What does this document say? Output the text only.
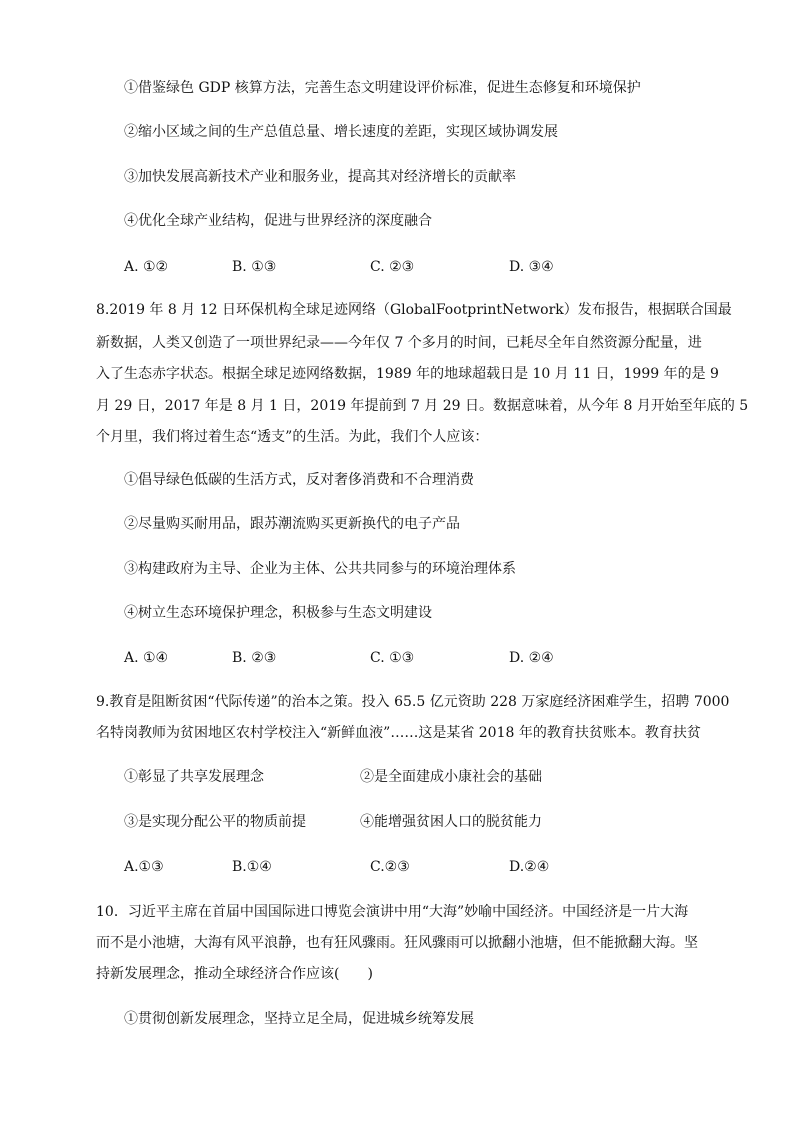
①借鉴绿色 GDP 核算方法，完善生态文明建设评价标准，促进生态修复和环境保护
②缩小区域之间的生产总值总量、增长速度的差距，实现区域协调发展
③加快发展高新技术产业和服务业，提高其对经济增长的贡献率
④优化全球产业结构，促进与世界经济的深度融合
A. ①②	B. ①③	C. ②③	D. ③④
8.2019 年 8 月 12 日环保机构全球足迹网络（GlobalFootprintNetwork）发布报告，根据联合国最
新数据，人类又创造了一项世界纪录——今年仅 7 个多月的时间，已耗尽全年自然资源分配量，进
入了生态赤字状态。根据全球足迹网络数据，1989 年的地球超载日是 10 月 11 日，1999 年的是 9
月 29 日，2017 年是 8 月 1 日，2019 年提前到 7 月 29 日。数据意味着，从今年 8 月开始至年底的 5
个月里，我们将过着生态“透支”的生活。为此，我们个人应该：
①倡导绿色低碳的生活方式，反对奢侈消费和不合理消费
②尽量购买耐用品，跟苏潮流购买更新换代的电子产品
③构建政府为主导、企业为主体、公共共同参与的环境治理体系
④树立生态环境保护理念，积极参与生态文明建设
A. ①④	B. ②③	C. ①③	D. ②④
9.教育是阻断贫困“代际传递”的治本之策。投入 65.5 亿元资助 228 万家庭经济困难学生，招聘 7000
名特岗教师为贫困地区农村学校注入“新鲜血液”……这是某省 2018 年的教育扶贫账本。教育扶贫
①彰显了共享发展理念	②是全面建成小康社会的基础
③是实现分配公平的物质前提	④能增强贫困人口的脱贫能力
A.①③	B.①④	C.②③	D.②④
10．习近平主席在首届中国国际进口博览会演讲中用“大海”妙喻中国经济。中国经济是一片大海
而不是小池塘，大海有风平浪静，也有狂风骤雨。狂风骤雨可以掀翻小池塘，但不能掀翻大海。坚
持新发展理念，推动全球经济合作应该(　　)
①贯彻创新发展理念，坚持立足全局，促进城乡统筹发展
